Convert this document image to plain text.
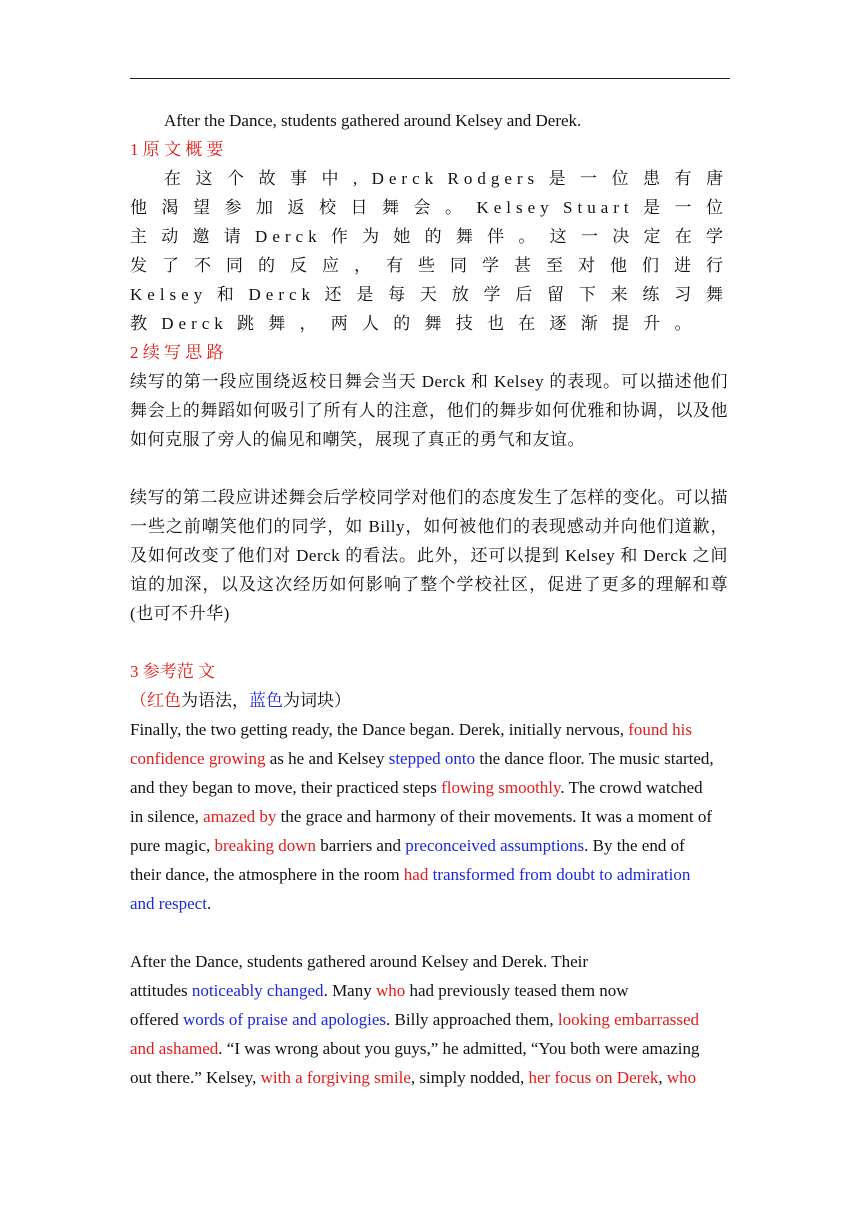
After the Dance, students gathered around Kelsey and Derek.
1 原 文 概 要
在 这 个 故 事 中 , Derck Rodgers 是 一 位 患 有 唐
他 渴 望 参 加 返 校 日 舞 会 。 Kelsey Stuart 是 一 位
主 动 邀 请 Derck 作 为 她 的 舞 伴 。 这 一 决 定 在 学
发 了 不 同 的 反 应 ， 有 些 同 学 甚 至 对 他 们 进 行
Kelsey 和 Derck 还 是 每 天 放 学 后 留 下 来 练 习 舞
教 Derck 跳 舞 ， 两 人 的 舞 技 也 在 逐 渐 提 升 。
2 续 写 思 路
续写的第一段应围绕返校日舞会当天 Derck 和 Kelsey 的表现。可以描述他们
舞会上的舞蹈如何吸引了所有人的注意，他们的舞步如何优雅和协调，以及他
如何克服了旁人的偏见和嘲笑，展现了真正的勇气和友谊。
续写的第二段应讲述舞会后学校同学对他们的态度发生了怎样的变化。可以描
一些之前嘲笑他们的同学，如 Billy，如何被他们的表现感动并向他们道歉，
及如何改变了他们对 Derck 的看法。此外，还可以提到 Kelsey 和 Derck 之间
谊的加深，以及这次经历如何影响了整个学校社区，促进了更多的理解和尊
(也可不升华)
3 参考范 文
（红色为语法，蓝色为词块）
Finally, the two getting ready, the Dance began. Derek, initially nervous, found his
confidence growing as he and Kelsey stepped onto the dance floor. The music started,
and they began to move, their practiced steps flowing smoothly. The crowd watched
in silence, amazed by the grace and harmony of their movements. It was a moment of
pure magic, breaking down barriers and preconceived assumptions. By the end of
their dance, the atmosphere in the room had transformed from doubt to admiration
and respect.
After the Dance, students gathered around Kelsey and Derek. Their
attitudes noticeably changed. Many who had previously teased them now
offered words of praise and apologies. Billy approached them, looking embarrassed
and ashamed. “I was wrong about you guys,” he admitted, “You both were amazing
out there.” Kelsey, with a forgiving smile, simply nodded, her focus on Derek, who
